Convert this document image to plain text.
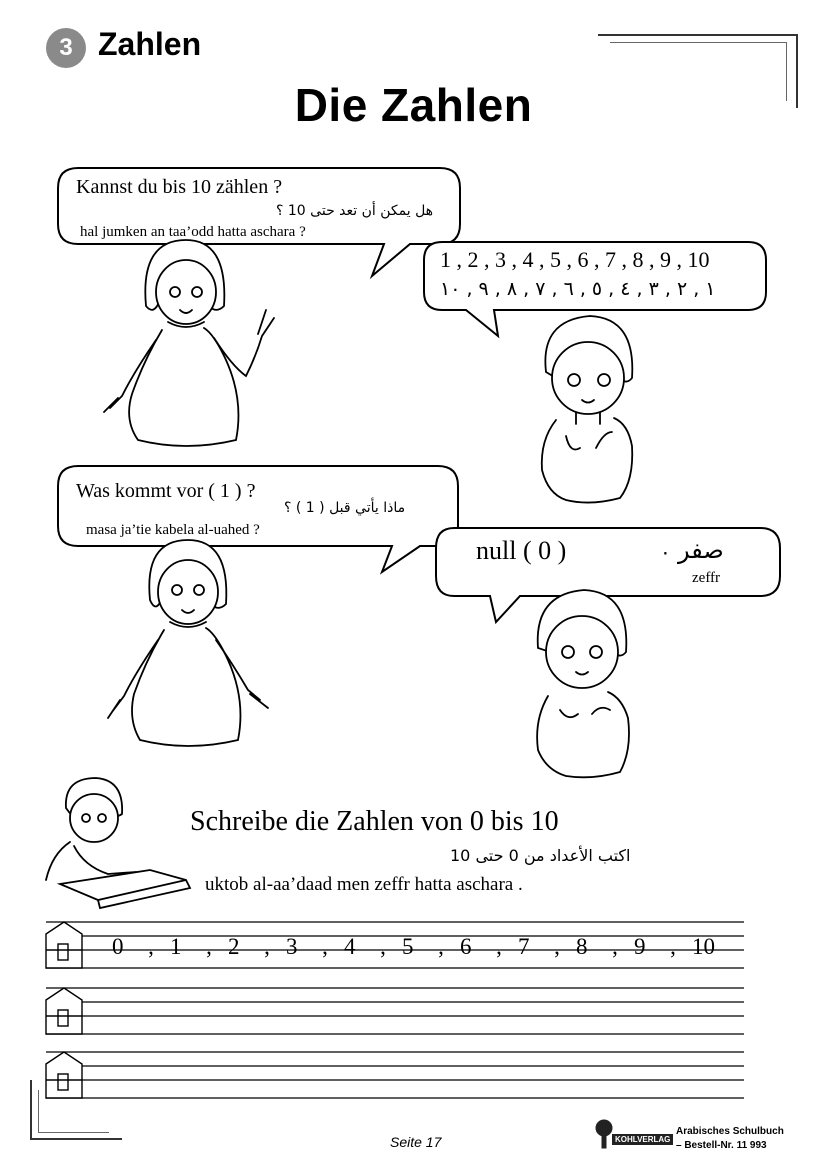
3 Zahlen
Die Zahlen
Kannst du bis 10 zählen ?
هل يمكن أن تعد حتى 10 ؟
hal jumken an taa’odd hatta aschara ?
1 , 2 , 3 , 4 , 5 , 6 , 7 , 8 , 9 , 10
١ , ٢ , ٣ , ٤ , ٥ , ٦ , ٧ , ٨ , ٩ , ١٠
Was kommt vor ( 1 ) ?
ماذا يأتي قبل ( 1 ) ؟
masa ja’tie kabela al-uahed ?
null ( 0 )	٠ صفر
zeffr
Schreibe die Zahlen von 0 bis 10
اكتب الأعداد من 0 حتى 10
uktob al-aa’daad men zeffr hatta aschara .
0	, 1	, 2	, 3	, 4	, 5	, 6	, 7	, 8	, 9	, 10
Seite 17	KOHLVERLAG
Arabisches Schulbuch
– Bestell-Nr. 11 993
